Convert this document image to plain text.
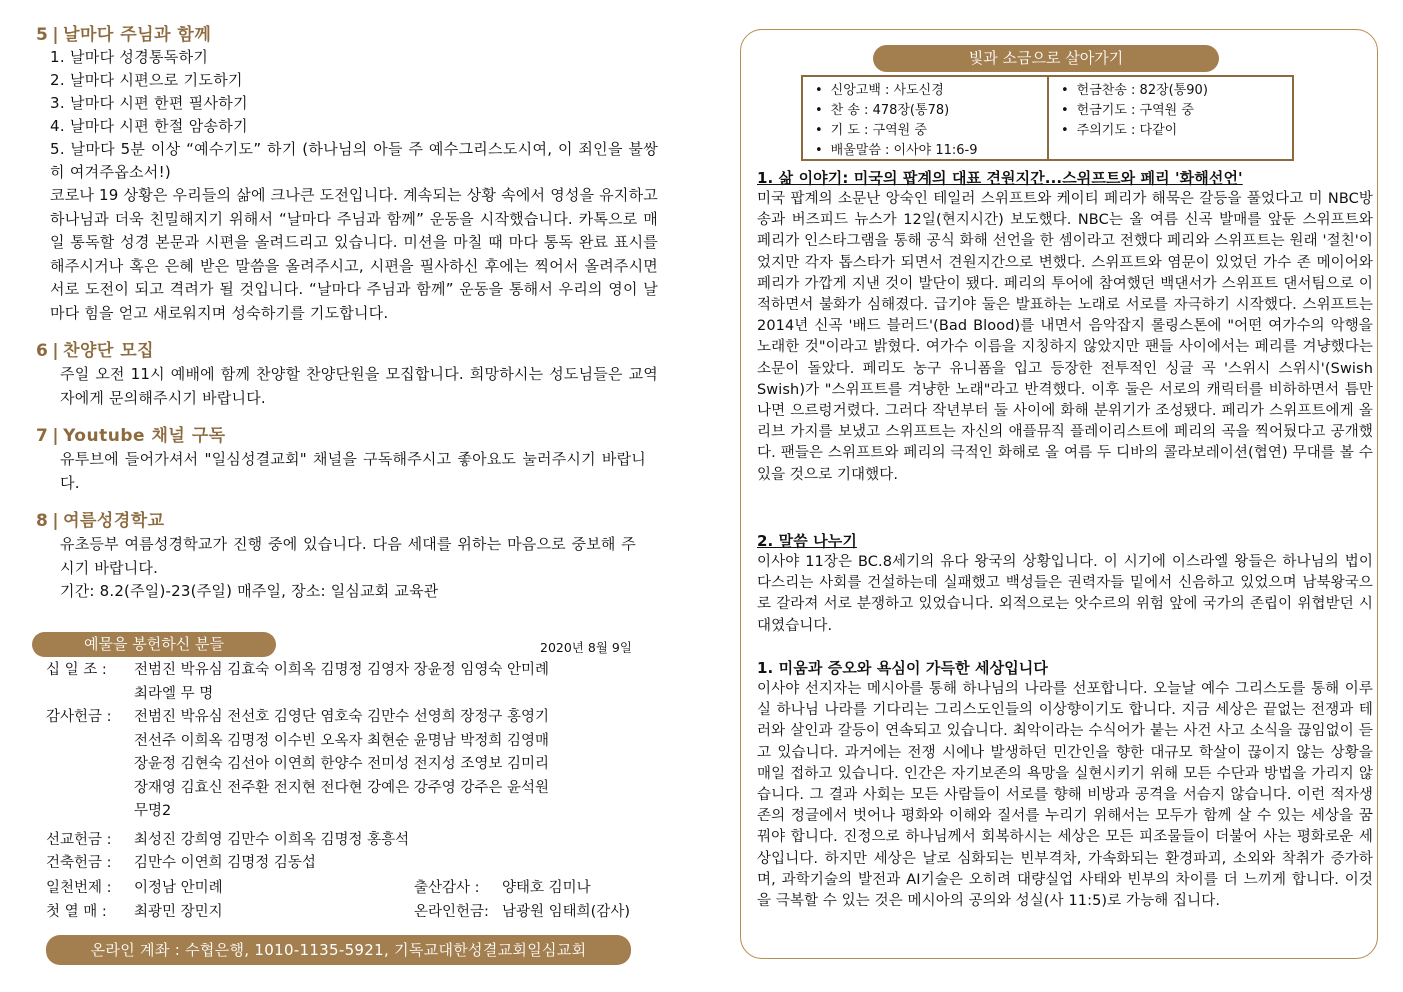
5 | 날마다 주님과 함께
1. 날마다 성경통독하기
2. 날마다 시편으로 기도하기
3. 날마다 시편 한편 필사하기
4. 날마다 시편 한절 암송하기
5. 날마다 5분 이상 “예수기도” 하기 (하나님의 아들 주 예수그리스도시여, 이 죄인을 불쌍히 여겨주옵소서!)
코로나 19 상황은 우리들의 삶에 크나큰 도전입니다. 계속되는 상황 속에서 영성을 유지하고 하나님과 더욱 친밀해지기 위해서 “날마다 주님과 함께” 운동을 시작했습니다. 카톡으로 매일 통독할 성경 본문과 시편을 올려드리고 있습니다. 미션을 마칠 때 마다 통독 완료 표시를 해주시거나 혹은 은혜 받은 말씀을 올려주시고, 시편을 필사하신 후에는 찍어서 올려주시면 서로 도전이 되고 격려가 될 것입니다. “날마다 주님과 함께” 운동을 통해서 우리의 영이 날마다 힘을 얻고 새로워지며 성숙하기를 기도합니다.
6 | 찬양단 모집
주일 오전 11시 예배에 함께 찬양할 찬양단원을 모집합니다. 희망하시는 성도님들은 교역자에게 문의해주시기 바랍니다.
7 | Youtube 채널 구독
유투브에 들어가셔서 "일심성결교회" 채널을 구독해주시고 좋아요도 눌러주시기 바랍니다.
8 | 여름성경학교
유초등부 여름성경학교가 진행 중에 있습니다. 다음 세대를 위하는 마음으로 중보해 주시기 바랍니다.
기간: 8.2(주일)-23(주일) 매주일, 장소: 일심교회 교육관
예물을 봉헌하신 분들	2020년 8월 9일
십 일 조 :	전범진 박유심 김효숙 이희옥 김명정 김영자 장윤정 임영숙 안미례
최라엘 무 명
감사헌금 :	전범진 박유심 전선호 김영단 염호숙 김만수 선영희 장정구 홍영기
전선주 이희옥 김명정 이수빈 오옥자 최현순 윤명남 박정희 김영매
장윤정 김현숙 김선아 이연희 한양수 전미성 전지성 조영보 김미리
장재영 김효신 전주환 전지현 전다현 강예은 강주영 강주은 윤석원
무명2
선교헌금 :	최성진 강희영 김만수 이희옥 김명정 홍흥석
건축헌금 :	김만수 이연희 김명정 김동섭
일천번제 :	이정남 안미례	출산감사 :	양태호 김미나
첫 열 매 :	최광민 장민지	온라인헌금: 남광원 임태희(감사)
온라인 계좌 : 수협은행, 1010-1135-5921, 기독교대한성결교회일심교회
빛과 소금으로 살아가기
• 신앙고백 : 사도신경
• 찬 송 : 478장(통78)
• 기 도 : 구역원 중
• 배울말씀 : 이사야 11:6-9
• 헌금찬송 : 82장(통90)
• 헌금기도 : 구역원 중
• 주의기도 : 다같이
1. 삶 이야기: 미국의 팝계의 대표 견원지간...스위프트와 페리 '화해선언'
미국 팝계의 소문난 앙숙인 테일러 스위프트와 케이티 페리가 해묵은 갈등을 풀었다고 미 NBC방송과 버즈피드 뉴스가 12일(현지시간) 보도했다. NBC는 올 여름 신곡 발매를 앞둔 스위프트와 페리가 인스타그램을 통해 공식 화해 선언을 한 셈이라고 전했다 페리와 스위프트는 원래 '절친'이었지만 각자 톱스타가 되면서 견원지간으로 변했다. 스위프트와 염문이 있었던 가수 존 메이어와 페리가 가깝게 지낸 것이 발단이 됐다. 페리의 투어에 참여했던 백댄서가 스위프트 댄서팀으로 이적하면서 불화가 심해졌다. 급기야 둘은 발표하는 노래로 서로를 자극하기 시작했다. 스위프트는 2014년 신곡 '배드 블러드'(Bad Blood)를 내면서 음악잡지 롤링스톤에 "어떤 여가수의 악행을 노래한 것"이라고 밝혔다. 여가수 이름을 지칭하지 않았지만 팬들 사이에서는 페리를 겨냥했다는 소문이 돌았다. 페리도 농구 유니폼을 입고 등장한 전투적인 싱글 곡 '스위시 스위시'(Swish Swish)가 "스위프트를 겨냥한 노래"라고 반격했다. 이후 둘은 서로의 캐릭터를 비하하면서 틈만 나면 으르렁거렸다. 그러다 작년부터 둘 사이에 화해 분위기가 조성됐다. 페리가 스위프트에게 올리브 가지를 보냈고 스위프트는 자신의 애플뮤직 플레이리스트에 페리의 곡을 찍어뒀다고 공개했다. 팬들은 스위프트와 페리의 극적인 화해로 올 여름 두 디바의 콜라보레이션(협연) 무대를 볼 수 있을 것으로 기대했다.
2. 말씀 나누기
이사야 11장은 BC.8세기의 유다 왕국의 상황입니다. 이 시기에 이스라엘 왕들은 하나님의 법이 다스리는 사회를 건설하는데 실패했고 백성들은 권력자들 밑에서 신음하고 있었으며 남북왕국으로 갈라져 서로 분쟁하고 있었습니다. 외적으로는 앗수르의 위험 앞에 국가의 존립이 위협받던 시대였습니다.
1. 미움과 증오와 욕심이 가득한 세상입니다
이사야 선지자는 메시아를 통해 하나님의 나라를 선포합니다. 오늘날 예수 그리스도를 통해 이루실 하나님 나라를 기다리는 그리스도인들의 이상향이기도 합니다. 지금 세상은 끝없는 전쟁과 테러와 살인과 갈등이 연속되고 있습니다. 최악이라는 수식어가 붙는 사건 사고 소식을 끊임없이 듣고 있습니다. 과거에는 전쟁 시에나 발생하던 민간인을 향한 대규모 학살이 끊이지 않는 상황을 매일 접하고 있습니다. 인간은 자기보존의 욕망을 실현시키기 위해 모든 수단과 방법을 가리지 않습니다. 그 결과 사회는 모든 사람들이 서로를 향해 비방과 공격을 서슴지 않습니다. 이런 적자생존의 정글에서 벗어나 평화와 이해와 질서를 누리기 위해서는 모두가 함께 살 수 있는 세상을 꿈꿔야 합니다. 진정으로 하나님께서 회복하시는 세상은 모든 피조물들이 더불어 사는 평화로운 세상입니다. 하지만 세상은 날로 심화되는 빈부격차, 가속화되는 환경파괴, 소외와 착취가 증가하며, 과학기술의 발전과 AI기술은 오히려 대량실업 사태와 빈부의 차이를 더 느끼게 합니다. 이것을 극복할 수 있는 것은 메시아의 공의와 성실(사 11:5)로 가능해 집니다.
